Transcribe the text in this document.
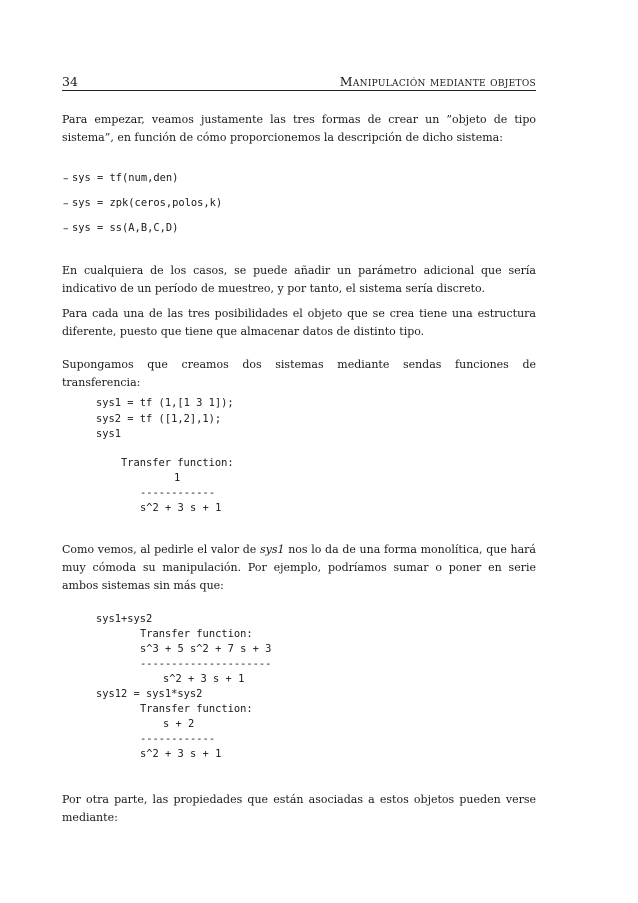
34	Manipulación mediante objetos

Para empezar, veamos justamente las tres formas de crear un ”objeto de tipo sistema”, en función de cómo proporcionemos la descripción de dicho sistema:

– sys = tf(num,den)
– sys = zpk(ceros,polos,k)
– sys = ss(A,B,C,D)

En cualquiera de los casos, se puede añadir un parámetro adicional que sería indicativo de un período de muestreo, y por tanto, el sistema sería discreto.

Para cada una de las tres posibilidades el objeto que se crea tiene una estructura diferente, puesto que tiene que almacenar datos de distinto tipo.

Supongamos que creamos dos sistemas mediante sendas funciones de transferencia:

sys1 = tf (1,[1 3 1]);
sys2 = tf ([1,2],1);
sys1
Transfer function:
1
------------
s^2 + 3 s + 1

Como vemos, al pedirle el valor de sys1 nos lo da de una forma monolítica, que hará muy cómoda su manipulación. Por ejemplo, podríamos sumar o poner en serie ambos sistemas sin más que:

sys1+sys2
Transfer function:
s^3 + 5 s^2 + 7 s + 3
---------------------
s^2 + 3 s + 1
sys12 = sys1*sys2
Transfer function:
s + 2
------------
s^2 + 3 s + 1

Por otra parte, las propiedades que están asociadas a estos objetos pueden verse mediante:
